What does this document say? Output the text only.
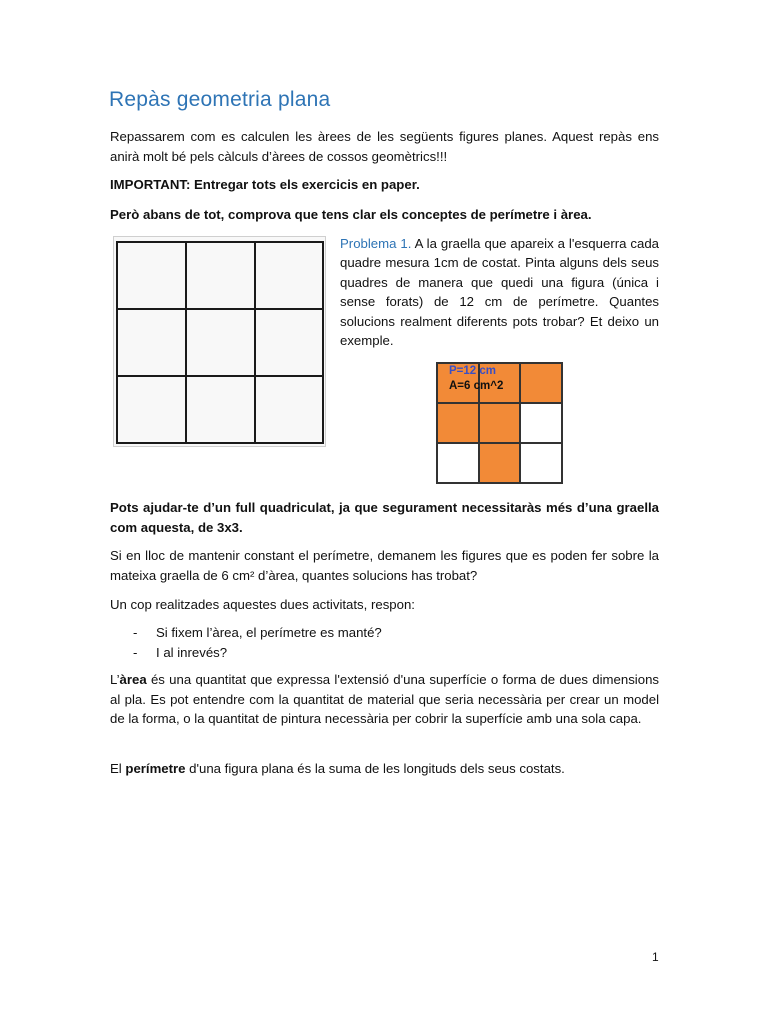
Repàs geometria plana

Repassarem com es calculen les àrees de les següents figures planes. Aquest repàs ens anirà molt bé pels càlculs d’àrees de cossos geomètrics!!!

IMPORTANT: Entregar tots els exercicis en paper.

Però abans de tot, comprova que tens clar els conceptes de perímetre i àrea.

Problema 1. A la graella que apareix a l'esquerra cada quadre mesura 1cm de costat. Pinta alguns dels seus quadres de manera que quedi una figura (única i sense forats) de 12 cm de perímetre. Quantes solucions realment diferents pots trobar? Et deixo un exemple.

P=12 cm
A=6 cm^2

Pots ajudar-te d’un full quadriculat, ja que segurament necessitaràs més d’una graella com aquesta, de 3x3.

Si en lloc de mantenir constant el perímetre, demanem les figures que es poden fer sobre la mateixa graella de 6 cm² d’àrea, quantes solucions has trobat?

Un cop realitzades aquestes dues activitats, respon:

- Si fixem l’àrea, el perímetre es manté?
- I al inrevés?

L’àrea és una quantitat que expressa l'extensió d'una superfície o forma de dues dimensions al pla. Es pot entendre com la quantitat de material que seria necessària per crear un model de la forma, o la quantitat de pintura necessària per cobrir la superfície amb una sola capa.

El perímetre d'una figura plana és la suma de les longituds dels seus costats.

1
